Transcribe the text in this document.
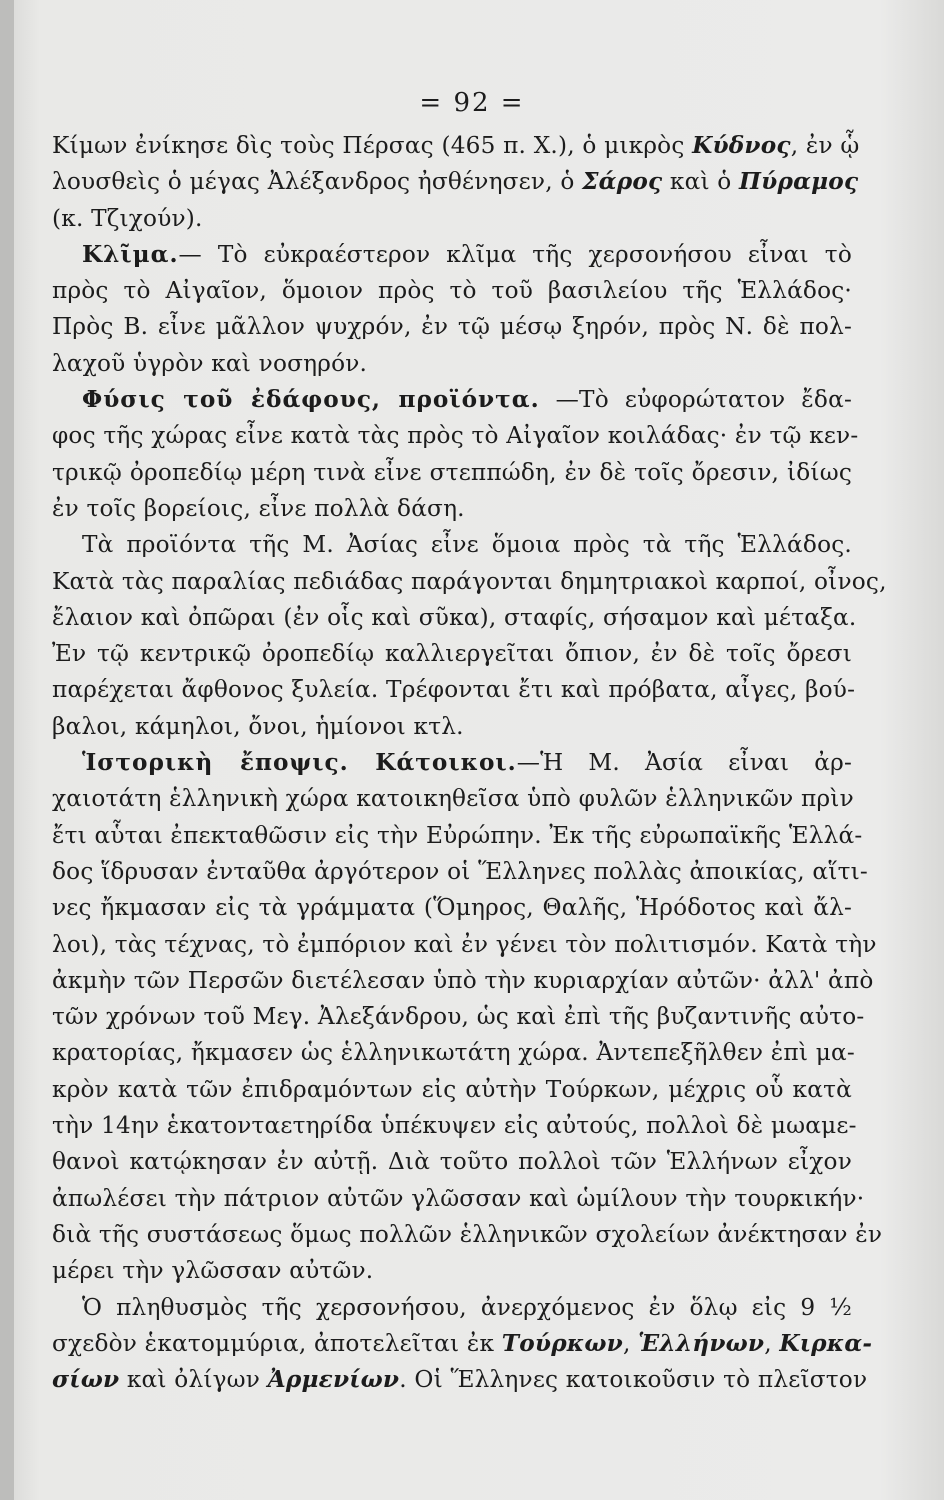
= 92 =
Κίμων ἐνίκησε δὶς τοὺς Πέρσας (465 π. Χ.), ὁ μικρὸς Κύδνος, ἐν ᾧ
λουσθεὶς ὁ μέγας Ἀλέξανδρος ἠσθένησεν, ὁ Σάρος καὶ ὁ Πύραμος
(κ. Τζιχούν).
Κλῖμα.— Τὸ εὐκραέστερον κλῖμα τῆς χερσονήσου εἶναι τὸ
πρὸς τὸ Αἰγαῖον, ὅμοιον πρὸς τὸ τοῦ βασιλείου τῆς Ἑλλάδος·
Πρὸς Β. εἶνε μᾶλλον ψυχρόν, ἐν τῷ μέσῳ ξηρόν, πρὸς Ν. δὲ πολ-
λαχοῦ ὑγρὸν καὶ νοσηρόν.
Φύσις τοῦ ἐδάφους, προϊόντα. —Τὸ εὐφορώτατον ἔδα-
φος τῆς χώρας εἶνε κατὰ τὰς πρὸς τὸ Αἰγαῖον κοιλάδας· ἐν τῷ κεν-
τρικῷ ὀροπεδίῳ μέρη τινὰ εἶνε στεππώδη, ἐν δὲ τοῖς ὄρεσιν, ἰδίως
ἐν τοῖς βορείοις, εἶνε πολλὰ δάση.
Τὰ προϊόντα τῆς Μ. Ἀσίας εἶνε ὅμοια πρὸς τὰ τῆς Ἑλλάδος.
Κατὰ τὰς παραλίας πεδιάδας παράγονται δημητριακοὶ καρποί, οἶνος,
ἔλαιον καὶ ὀπῶραι (ἐν οἷς καὶ σῦκα), σταφίς, σήσαμον καὶ μέταξα.
Ἐν τῷ κεντρικῷ ὀροπεδίῳ καλλιεργεῖται ὄπιον, ἐν δὲ τοῖς ὄρεσι
παρέχεται ἄφθονος ξυλεία. Τρέφονται ἔτι καὶ πρόβατα, αἶγες, βού-
βαλοι, κάμηλοι, ὄνοι, ἡμίονοι κτλ.
Ἱστορικὴ ἔποψις. Κάτοικοι.—Ἡ Μ. Ἀσία εἶναι ἀρ-
χαιοτάτη ἑλληνικὴ χώρα κατοικηθεῖσα ὑπὸ φυλῶν ἑλληνικῶν πρὶν
ἔτι αὗται ἐπεκταθῶσιν εἰς τὴν Εὐρώπην. Ἐκ τῆς εὐρωπαϊκῆς Ἑλλά-
δος ἵδρυσαν ἐνταῦθα ἀργότερον οἱ Ἕλληνες πολλὰς ἀποικίας, αἵτι-
νες ἤκμασαν εἰς τὰ γράμματα (Ὅμηρος, Θαλῆς, Ἡρόδοτος καὶ ἄλ-
λοι), τὰς τέχνας, τὸ ἐμπόριον καὶ ἐν γένει τὸν πολιτισμόν. Κατὰ τὴν
ἀκμὴν τῶν Περσῶν διετέλεσαν ὑπὸ τὴν κυριαρχίαν αὐτῶν· ἀλλ' ἀπὸ
τῶν χρόνων τοῦ Μεγ. Ἀλεξάνδρου, ὡς καὶ ἐπὶ τῆς βυζαντινῆς αὐτο-
κρατορίας, ἤκμασεν ὡς ἑλληνικωτάτη χώρα. Ἀντεπεξῆλθεν ἐπὶ μα-
κρὸν κατὰ τῶν ἐπιδραμόντων εἰς αὐτὴν Τούρκων, μέχρις οὗ κατὰ
τὴν 14ην ἑκατονταετηρίδα ὑπέκυψεν εἰς αὐτούς, πολλοὶ δὲ μωαμε-
θανοὶ κατῴκησαν ἐν αὐτῇ. Διὰ τοῦτο πολλοὶ τῶν Ἑλλήνων εἶχον
ἀπωλέσει τὴν πάτριον αὐτῶν γλῶσσαν καὶ ὡμίλουν τὴν τουρκικήν·
διὰ τῆς συστάσεως ὅμως πολλῶν ἑλληνικῶν σχολείων ἀνέκτησαν ἐν
μέρει τὴν γλῶσσαν αὐτῶν.
Ὁ πληθυσμὸς τῆς χερσονήσου, ἀνερχόμενος ἐν ὅλῳ εἰς 9 ½
σχεδὸν ἑκατομμύρια, ἀποτελεῖται ἐκ Τούρκων, Ἑλλήνων, Κιρκα-
σίων καὶ ὀλίγων Ἀρμενίων. Οἱ Ἕλληνες κατοικοῦσιν τὸ πλεῖστον
